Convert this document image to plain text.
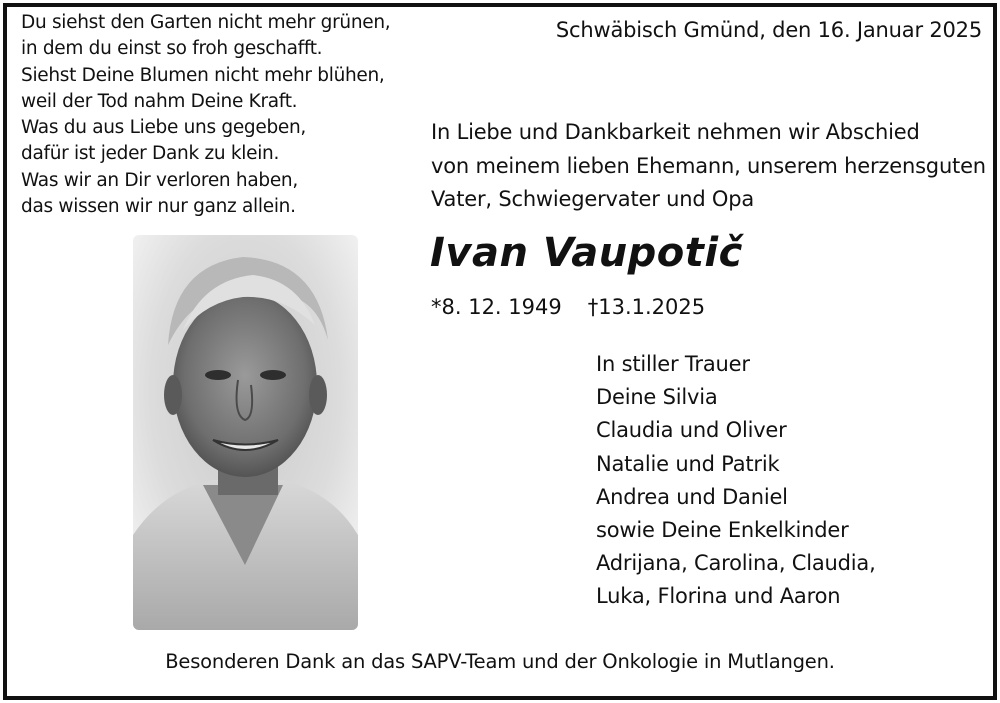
Du siehst den Garten nicht mehr grünen,
in dem du einst so froh geschafft.
Siehst Deine Blumen nicht mehr blühen,
weil der Tod nahm Deine Kraft.
Was du aus Liebe uns gegeben,
dafür ist jeder Dank zu klein.
Was wir an Dir verloren haben,
das wissen wir nur ganz allein.
Schwäbisch Gmünd, den 16. Januar 2025
In Liebe und Dankbarkeit nehmen wir Abschied
von meinem lieben Ehemann, unserem herzensguten
Vater, Schwiegervater und Opa
Ivan Vaupotič
*8. 12. 1949 †13.1.2025
In stiller Trauer
Deine Silvia
Claudia und Oliver
Natalie und Patrik
Andrea und Daniel
sowie Deine Enkelkinder
Adrijana, Carolina, Claudia,
Luka, Florina und Aaron
Besonderen Dank an das SAPV-Team und der Onkologie in Mutlangen.
